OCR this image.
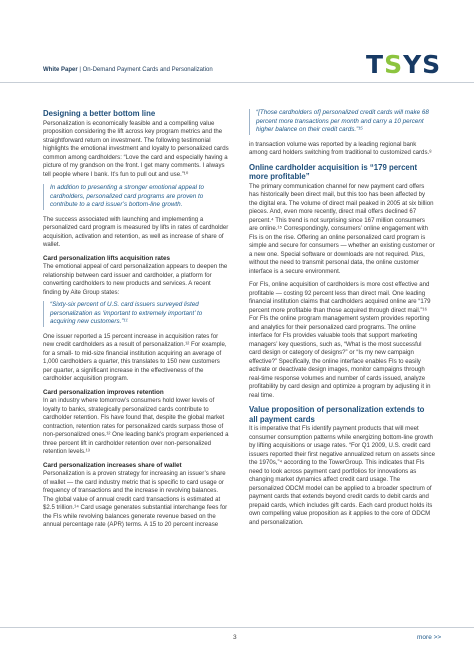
TSYS
White Paper | On-Demand Payment Cards and Personalization
Designing a better bottom line

Personalization is economically feasible and a compelling value proposition considering the lift across key program metrics and the straightforward return on investment. The following testimonial highlights the emotional investment and loyalty to personalized cards common among cardholders: “Love the card and especially having a picture of my grandson on the front. I get many comments. I always tell people where I bank. It’s fun to pull out and use.”¹⁰

In addition to presenting a stronger emotional appeal to cardholders, personalized card programs are proven to contribute to a card issuer’s bottom-line growth.

The success associated with launching and implementing a personalized card program is measured by lifts in rates of cardholder acquisition, activation and retention, as well as increase of share of wallet.

Card personalization lifts acquisition rates

The emotional appeal of card personalization appears to deepen the relationship between card issuer and cardholder, a platform for converting cardholders to new products and services. A recent finding by Aite Group states:

“Sixty-six percent of U.S. card issuers surveyed listed personalization as ‘important to extremely important’ to acquiring new customers.”¹¹

One issuer reported a 15 percent increase in acquisition rates for new credit cardholders as a result of personalization.¹² For example, for a small- to mid-size financial institution acquiring an average of 1,000 cardholders a quarter, this translates to 150 new customers per quarter, a significant increase in the effectiveness of the cardholder acquisition program.

Card personalization improves retention

In an industry where tomorrow’s consumers hold lower levels of loyalty to banks, strategically personalized cards contribute to cardholder retention. FIs have found that, despite the global market contraction, retention rates for personalized cards surpass those of non-personalized ones.¹² One leading bank’s program experienced a three percent lift in cardholder retention over non-personalized retention levels.¹³

Card personalization increases share of wallet

Personalization is a proven strategy for increasing an issuer’s share of wallet — the card industry metric that is specific to card usage or frequency of transactions and the increase in revolving balances. The global value of annual credit card transactions is estimated at $2.5 trillion.¹⁴ Card usage generates substantial interchange fees for the FIs while revolving balances generate revenue based on the annual percentage rate (APR) terms. A 15 to 20 percent increase

“[Those cardholders of] personalized credit cards will make 68 percent more transactions per month and carry a 10 percent higher balance on their credit cards.”¹⁵

in transaction volume was reported by a leading regional bank among card holders switching from traditional to customized cards.⁸

Online cardholder acquisition is “179 percent more profitable”

The primary communication channel for new payment card offers has historically been direct mail, but this too has been affected by the digital era. The volume of direct mail peaked in 2005 at six billion pieces. And, even more recently, direct mail offers declined 67 percent.⁴ This trend is not surprising since 167 million consumers are online.¹⁵ Correspondingly, consumers’ online engagement with FIs is on the rise. Offering an online personalized card program is simple and secure for consumers — whether an existing customer or a new one. Special software or downloads are not required. Plus, without the need to transmit personal data, the online customer interface is a secure environment.

For FIs, online acquisition of cardholders is more cost effective and profitable — costing 92 percent less than direct mail. One leading financial institution claims that cardholders acquired online are “179 percent more profitable than those acquired through direct mail.”¹⁶ For FIs the online program management system provides reporting and analytics for their personalized card programs. The online interface for FIs provides valuable tools that support marketing managers’ key questions, such as, “What is the most successful card design or category of designs?” or “Is my new campaign effective?” Specifically, the online interface enables FIs to easily activate or deactivate design images, monitor campaigns through real-time response volumes and number of cards issued, analyze profitability by card design and optimize a program by adjusting it in real time.

Value proposition of personalization extends to all payment cards

It is imperative that FIs identify payment products that will meet consumer consumption patterns while energizing bottom-line growth by lifting acquisitions or usage rates. “For Q1 2009, U.S. credit card issuers reported their first negative annualized return on assets since the 1970s,”⁴ according to the TowerGroup. This indicates that FIs need to look across payment card portfolios for innovations as changing market dynamics affect credit card usage. The personalized ODCM model can be applied to a broader spectrum of payment cards that extends beyond credit cards to debit cards and prepaid cards, which includes gift cards. Each card product holds its own compelling value proposition as it applies to the core of ODCM and personalization.

3	more >>
